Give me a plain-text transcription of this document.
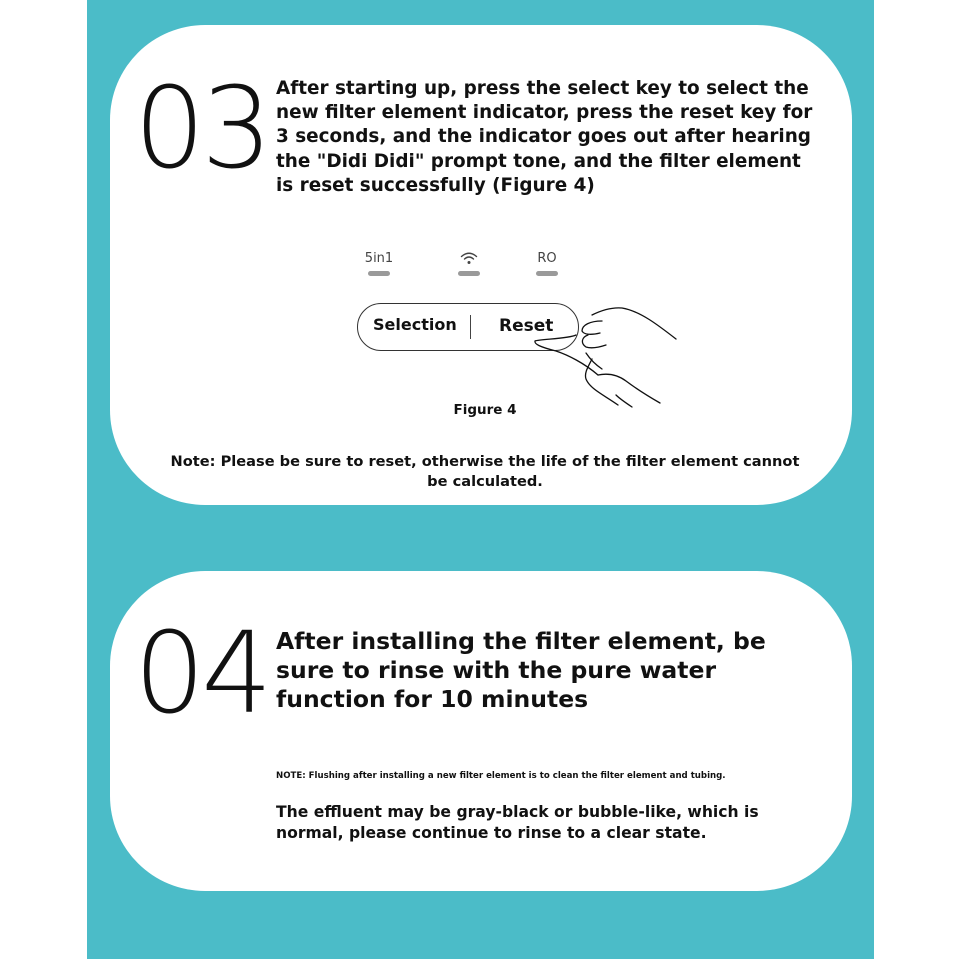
03 After starting up, press the select key to select the new filter element indicator, press the reset key for 3 seconds, and the indicator goes out after hearing the "Didi Didi" prompt tone, and the filter element is reset successfully (Figure 4)
5in1	RO
Selection Reset
Figure 4
Note: Please be sure to reset, otherwise the life of the filter element cannot be calculated.
04 After installing the filter element, be sure to rinse with the pure water function for 10 minutes
NOTE: Flushing after installing a new filter element is to clean the filter element and tubing.
The effluent may be gray-black or bubble-like, which is normal, please continue to rinse to a clear state.
